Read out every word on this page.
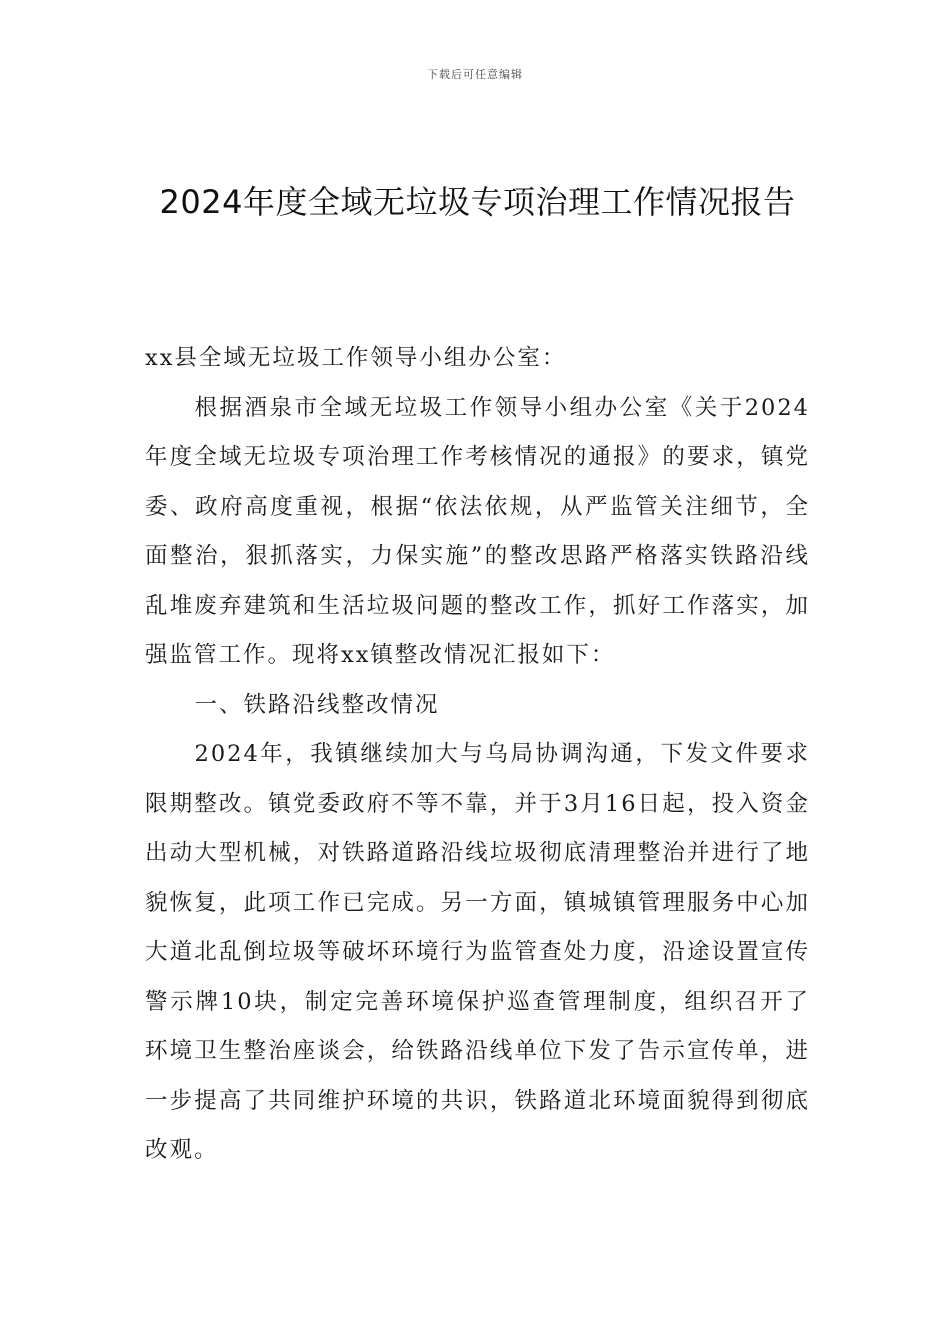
下载后可任意编辑
2024年度全域无垃圾专项治理工作情况报告

xx县全域无垃圾工作领导小组办公室：

根据酒泉市全域无垃圾工作领导小组办公室《关于2024年度全域无垃圾专项治理工作考核情况的通报》的要求，镇党委、政府高度重视，根据“依法依规，从严监管关注细节，全面整治，狠抓落实，力保实施”的整改思路严格落实铁路沿线乱堆废弃建筑和生活垃圾问题的整改工作，抓好工作落实，加强监管工作。现将xx镇整改情况汇报如下：

一、铁路沿线整改情况

2024年，我镇继续加大与乌局协调沟通，下发文件要求限期整改。镇党委政府不等不靠，并于3月16日起，投入资金出动大型机械，对铁路道路沿线垃圾彻底清理整治并进行了地貌恢复，此项工作已完成。另一方面，镇城镇管理服务中心加大道北乱倒垃圾等破坏环境行为监管查处力度，沿途设置宣传警示牌10块，制定完善环境保护巡查管理制度，组织召开了环境卫生整治座谈会，给铁路沿线单位下发了告示宣传单，进一步提高了共同维护环境的共识，铁路道北环境面貌得到彻底改观。
